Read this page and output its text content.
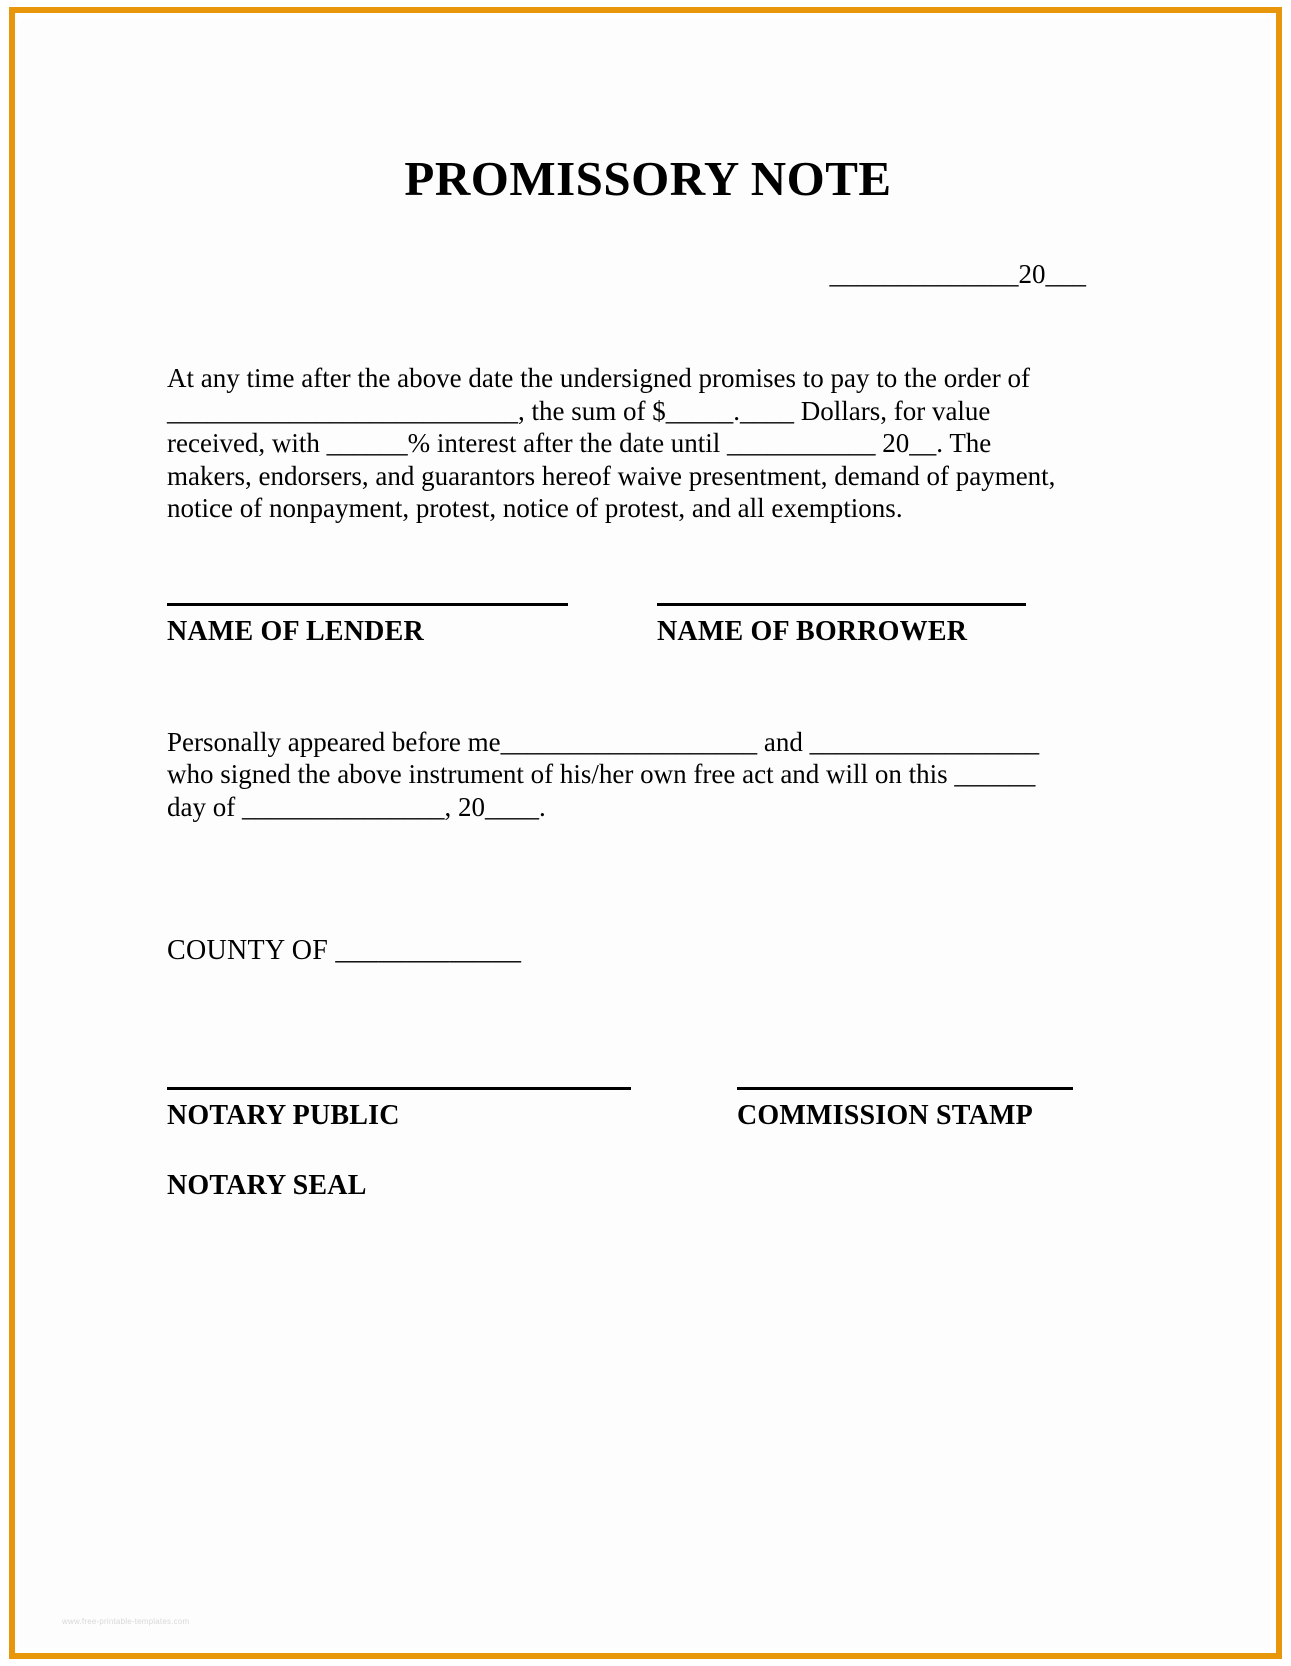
PROMISSORY NOTE
______________20___

At any time after the above date the undersigned promises to pay to the order of

__________________________, the sum of $_____.____ Dollars, for value

received, with ______% interest after the date until ___________ 20__. The

makers, endorsers, and guarantors hereof waive presentment, demand of payment,

notice of nonpayment, protest, notice of protest, and all exemptions.

NAME OF LENDER	NAME OF BORROWER

Personally appeared before me___________________ and _________________

who signed the above instrument of his/her own free act and will on this ______

day of _______________, 20____.

COUNTY OF _____________
NOTARY PUBLIC	COMMISSION STAMP
NOTARY SEAL
www.free-printable-templates.com
